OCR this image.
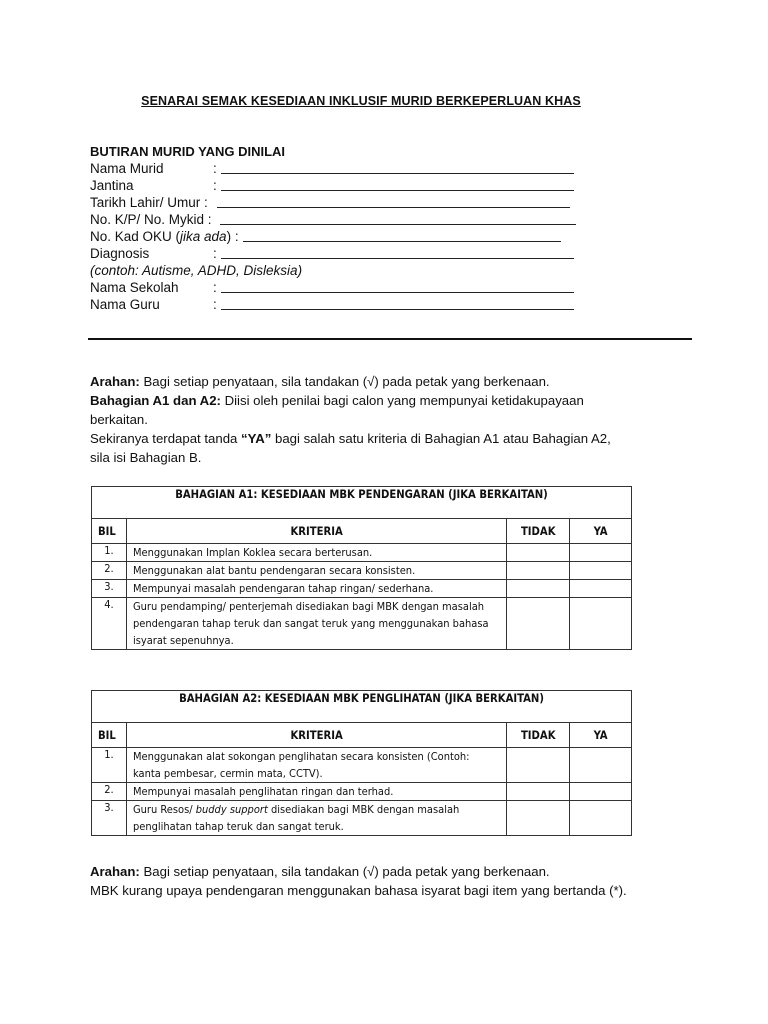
SENARAI SEMAK KESEDIAAN INKLUSIF MURID BERKEPERLUAN KHAS
BUTIRAN MURID YANG DINILAI
Nama Murid	:
Jantina	:
Tarikh Lahir/ Umur :
No. K/P/ No. Mykid :
No. Kad OKU (jika ada) :
Diagnosis	:
(contoh: Autisme, ADHD, Disleksia)
Nama Sekolah	:
Nama Guru	:
Arahan: Bagi setiap penyataan, sila tandakan (√) pada petak yang berkenaan.
Bahagian A1 dan A2: Diisi oleh penilai bagi calon yang mempunyai ketidakupayaan berkaitan.
Sekiranya terdapat tanda “YA” bagi salah satu kriteria di Bahagian A1 atau Bahagian A2, sila isi Bahagian B.
BAHAGIAN A1: KESEDIAAN MBK PENDENGARAN (JIKA BERKAITAN)			
BIL	KRITERIA	TIDAK	YA
1.	Menggunakan Implan Koklea secara berterusan.		
2.	Menggunakan alat bantu pendengaran secara konsisten.		
3.	Mempunyai masalah pendengaran tahap ringan/ sederhana.		
4.	Guru pendamping/ penterjemah disediakan bagi MBK dengan masalah pendengaran tahap teruk dan sangat teruk yang menggunakan bahasa isyarat sepenuhnya.		
BAHAGIAN A2: KESEDIAAN MBK PENGLIHATAN (JIKA BERKAITAN)			
BIL	KRITERIA	TIDAK	YA
1.	Menggunakan alat sokongan penglihatan secara konsisten (Contoh: kanta pembesar, cermin mata, CCTV).		
2.	Mempunyai masalah penglihatan ringan dan terhad.		
3.	Guru Resos/ buddy support disediakan bagi MBK dengan masalah penglihatan tahap teruk dan sangat teruk.		
Arahan: Bagi setiap penyataan, sila tandakan (√) pada petak yang berkenaan.
MBK kurang upaya pendengaran menggunakan bahasa isyarat bagi item yang bertanda (*).
